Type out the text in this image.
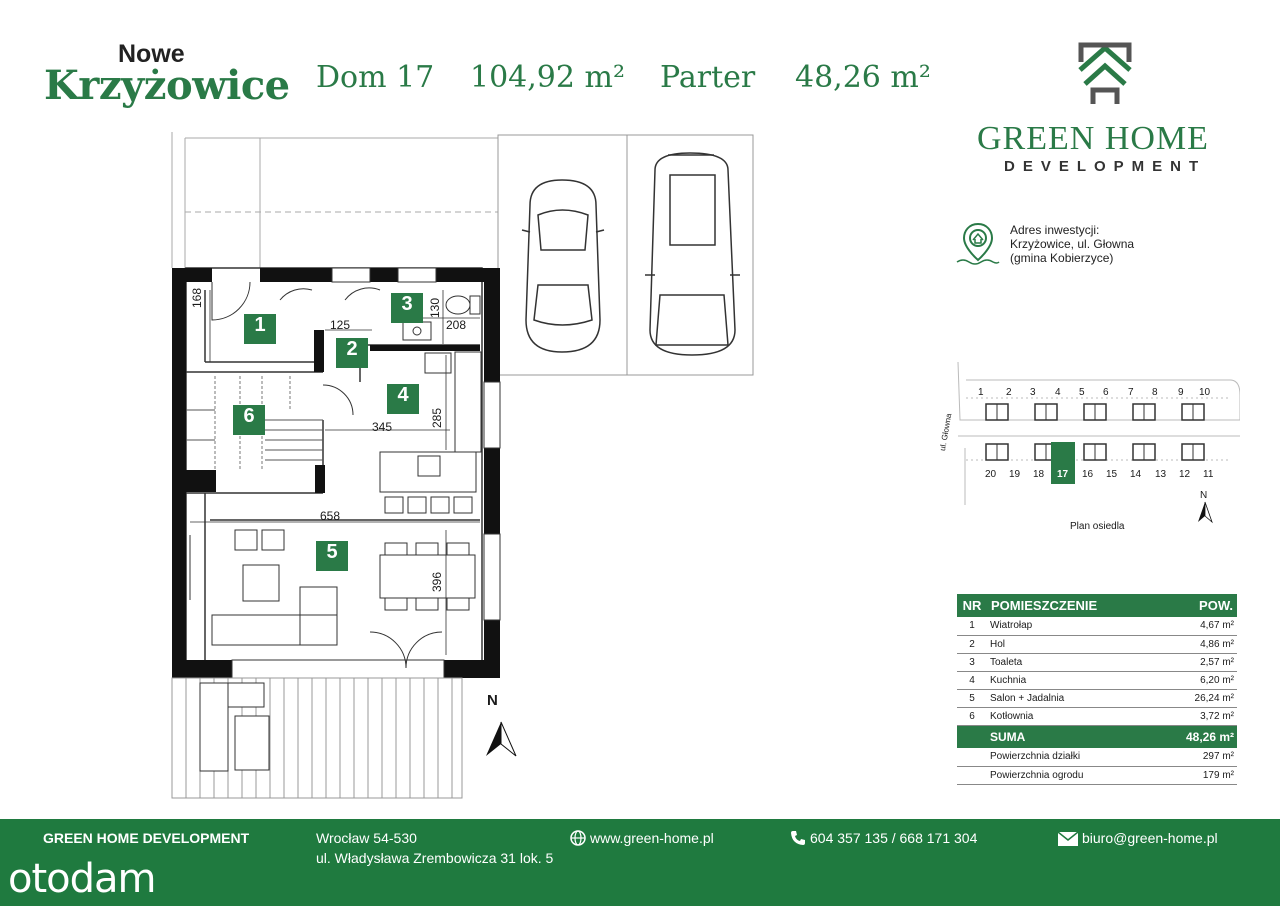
Nowe
Krzyżowice Dom 17 104,92 m² Parter 48,26 m²
GREEN HOME
DEVELOPMENT
Adres inwestycji:
Krzyżowice, ul. Głowna
(gmina Kobierzyce)
1
2
3
4
5
6
168
125
130
208
285
345
658
396
N
1 2 3 4 5 6 7 8 9 10
20 19 18 17 16 15 14 13 12 11
ul. Głowna
N
Plan osiedla
NR	POMIESZCZENIE	POW.
1	Wiatrołap	4,67 m²
2	Hol	4,86 m²
3	Toaleta	2,57 m²
4	Kuchnia	6,20 m²
5	Salon + Jadalnia	26,24 m²
6	Kotłownia	3,72 m²
	SUMA	48,26 m²
	Powierzchnia działki	297 m²
	Powierzchnia ogrodu	179 m²
GREEN HOME DEVELOPMENT	Wrocław 54-530
ul. Władysława Zrembowicza 31 lok. 5
www.green-home.pl	604 357 135 / 668 171 304	biuro@green-home.pl
otodam
